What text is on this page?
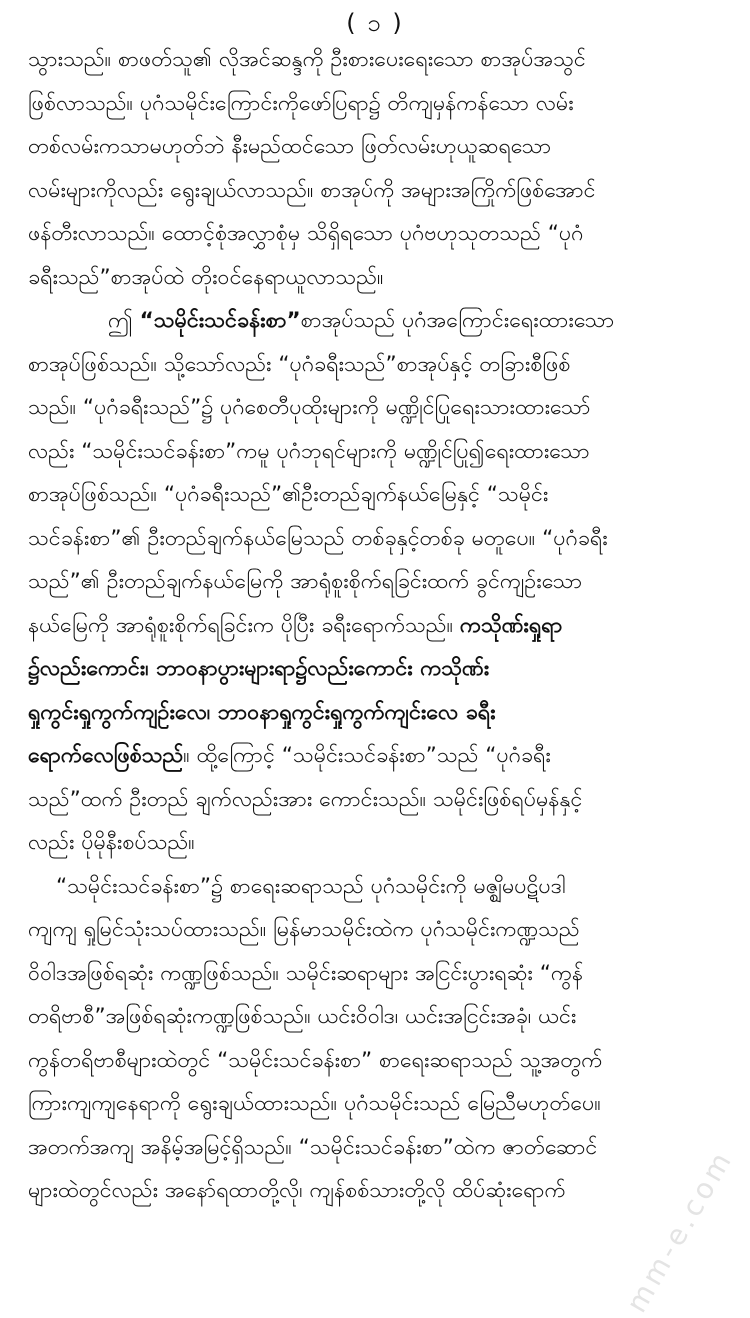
( ၁ )
သွားသည်။ စာဖတ်သူ၏ လိုအင်ဆန္ဒကို ဦးစားပေးရေးသော စာအုပ်အသွင်
ဖြစ်လာသည်။ ပုဂံသမိုင်းကြောင်းကိုဖော်ပြရာ၌ တိကျမှန်ကန်သော လမ်း
တစ်လမ်းကသာမဟုတ်ဘဲ နီးမည်ထင်သော ဖြတ်လမ်းဟုယူဆရသော
လမ်းများကိုလည်း ရွေးချယ်လာသည်။ စာအုပ်ကို အများအကြိုက်ဖြစ်အောင်
ဖန်တီးလာသည်။ ထောင့်စုံအလွှာစုံမှ သိရှိရသော ပုဂံဗဟုသုတသည် “ပုဂံ
ခရီးသည်”စာအုပ်ထဲ တိုးဝင်နေရာယူလာသည်။
ဤ “သမိုင်းသင်ခန်းစာ”စာအုပ်သည် ပုဂံအကြောင်းရေးထားသော
စာအုပ်ဖြစ်သည်။ သို့သော်လည်း “ပုဂံခရီးသည်”စာအုပ်နှင့် တခြားစီဖြစ်
သည်။ “ပုဂံခရီးသည်”၌ ပုဂံစေတီပုထိုးများကို မဏ္ဍိုင်ပြုရေးသားထားသော်
လည်း “သမိုင်းသင်ခန်းစာ”ကမူ ပုဂံဘုရင်များကို မဏ္ဍိုင်ပြု၍ရေးထားသော
စာအုပ်ဖြစ်သည်။ “ပုဂံခရီးသည်”၏ဦးတည်ချက်နယ်မြေနှင့် “သမိုင်း
သင်ခန်းစာ”၏ ဦးတည်ချက်နယ်မြေသည် တစ်ခုနှင့်တစ်ခု မတူပေ။ “ပုဂံခရီး
သည်”၏ ဦးတည်ချက်နယ်မြေကို အာရုံစူးစိုက်ရခြင်းထက် ခွင်ကျဉ်းသော
နယ်မြေကို အာရုံစူးစိုက်ရခြင်းက ပိုပြီး ခရီးရောက်သည်။ ကသိုဏ်းရှုရာ
၌လည်းကောင်း၊ ဘာဝနာပွားများရာ၌လည်းကောင်း ကသိုဏ်း
ရှုကွင်းရှုကွက်ကျဉ်းလေ၊ ဘာဝနာရှုကွင်းရှုကွက်ကျင်းလေ ခရီး
ရောက်လေဖြစ်သည်။ ထို့ကြောင့် “သမိုင်းသင်ခန်းစာ”သည် “ပုဂံခရီး
သည်”ထက် ဦးတည် ချက်လည်းအား ကောင်းသည်။ သမိုင်းဖြစ်ရပ်မှန်နှင့်
လည်း ပိုမိုနီးစပ်သည်။
“သမိုင်းသင်ခန်းစာ”၌ စာရေးဆရာသည် ပုဂံသမိုင်းကို မဇ္ဈိမပဋိပဒါ
ကျကျ ရှုမြင်သုံးသပ်ထားသည်။ မြန်မာသမိုင်းထဲက ပုဂံသမိုင်းကဏ္ဍသည်
ဝိဝါဒအဖြစ်ရဆုံး ကဏ္ဍဖြစ်သည်။ သမိုင်းဆရာများ အငြင်းပွားရဆုံး “ကွန်
တရိဗာစီ”အဖြစ်ရဆုံးကဏ္ဍဖြစ်သည်။ ယင်းဝိဝါဒ၊ ယင်းအငြင်းအခုံ၊ ယင်း
ကွန်တရိဗာစီများထဲတွင် “သမိုင်းသင်ခန်းစာ” စာရေးဆရာသည် သူ့အတွက်
ကြားကျကျနေရာကို ရွေးချယ်ထားသည်။ ပုဂံသမိုင်းသည် မြေညီမဟုတ်ပေ။
အတက်အကျ အနိမ့်အမြင့်ရှိသည်။ “သမိုင်းသင်ခန်းစာ”ထဲက ဇာတ်ဆောင်
များထဲတွင်လည်း အနော်ရထာတို့လို၊ ကျန်စစ်သားတို့လို ထိပ်ဆုံးရောက်	mm-e.com
